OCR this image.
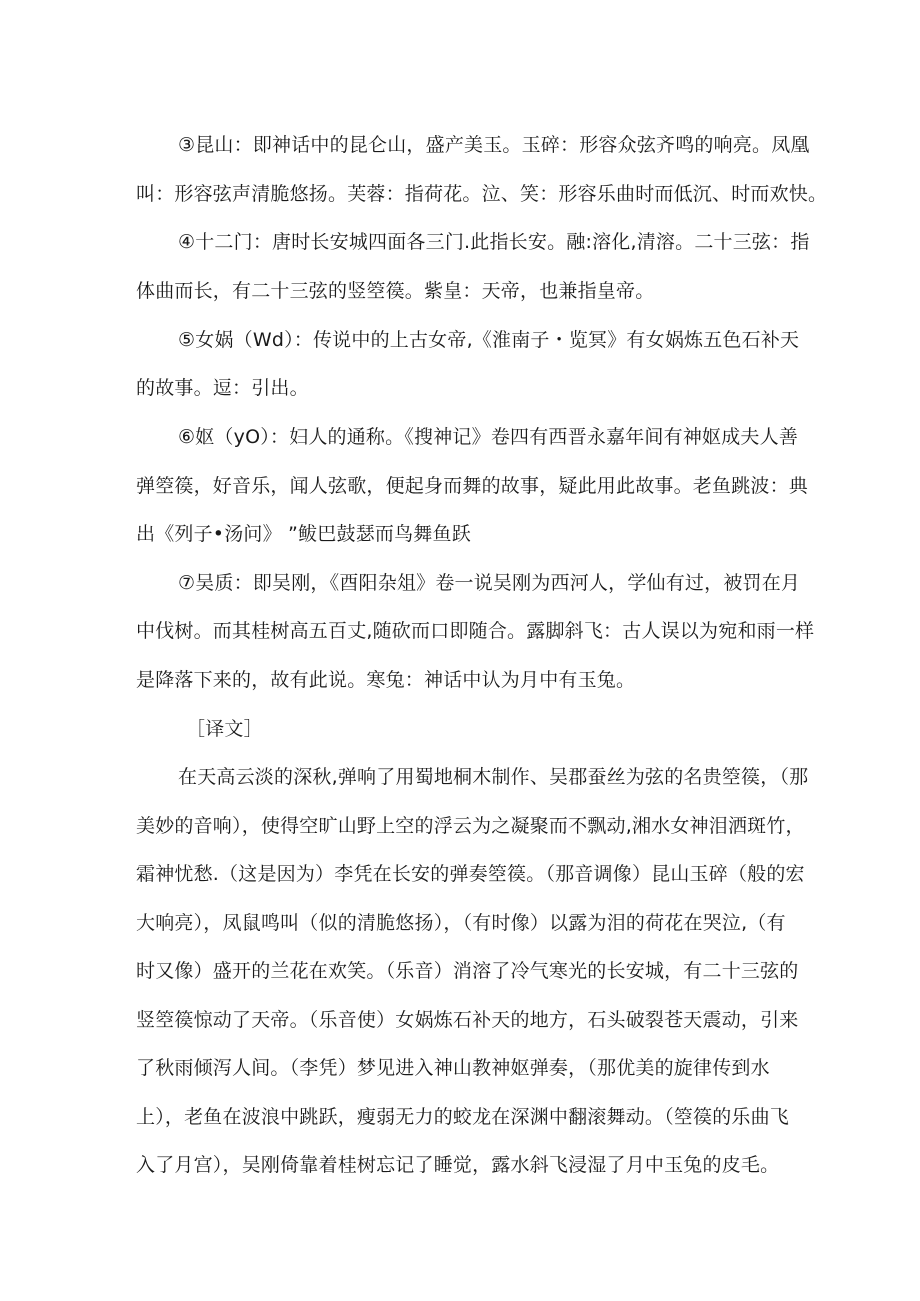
③昆山：即神话中的昆仑山，盛产美玉。玉碎：形容众弦齐鸣的响亮。凤凰
叫：形容弦声清脆悠扬。芙蓉：指荷花。泣、笑：形容乐曲时而低沉、时而欢快。
④十二门：唐时长安城四面各三门.此指长安。融:溶化,清溶。二十三弦：指
体曲而长，有二十三弦的竖箜篌。紫皇：天帝，也兼指皇帝。
⑤女娲（Wd）：传说中的上古女帝,《淮南子・览冥》有女娲炼五色石补天
的故事。逗：引出。
⑥妪（yO）：妇人的通称。《搜神记》卷四有西晋永嘉年间有神妪成夫人善
弹箜篌，好音乐，闻人弦歌，便起身而舞的故事，疑此用此故事。老鱼跳波：典
出《列子•汤问》 ”鲅巴鼓瑟而鸟舞鱼跃
⑦吴质：即吴刚，《酉阳杂俎》卷一说吴刚为西河人，学仙有过，被罚在月
中伐树。而其桂树高五百丈,随砍而口即随合。露脚斜飞：古人误以为宛和雨一样
是降落下来的，故有此说。寒兔：神话中认为月中有玉兔。
［译文］
在天高云淡的深秋,弹响了用蜀地桐木制作、吴郡蚕丝为弦的名贵箜篌，（那
美妙的音响），使得空旷山野上空的浮云为之凝聚而不飘动,湘水女神泪洒斑竹，
霜神忧愁.（这是因为）李凭在长安的弹奏箜篌。（那音调像）昆山玉碎（般的宏
大响亮），凤鼠鸣叫（似的清脆悠扬），（有时像）以露为泪的荷花在哭泣,（有
时又像）盛开的兰花在欢笑。（乐音）消溶了冷气寒光的长安城，有二十三弦的
竖箜篌惊动了天帝。（乐音使）女娲炼石补天的地方，石头破裂苍天震动，引来
了秋雨倾泻人间。（李凭）梦见进入神山教神妪弹奏，（那优美的旋律传到水
上），老鱼在波浪中跳跃，瘦弱无力的蛟龙在深渊中翻滚舞动。（箜篌的乐曲飞
入了月宫），吴刚倚靠着桂树忘记了睡觉，露水斜飞浸湿了月中玉兔的皮毛。
